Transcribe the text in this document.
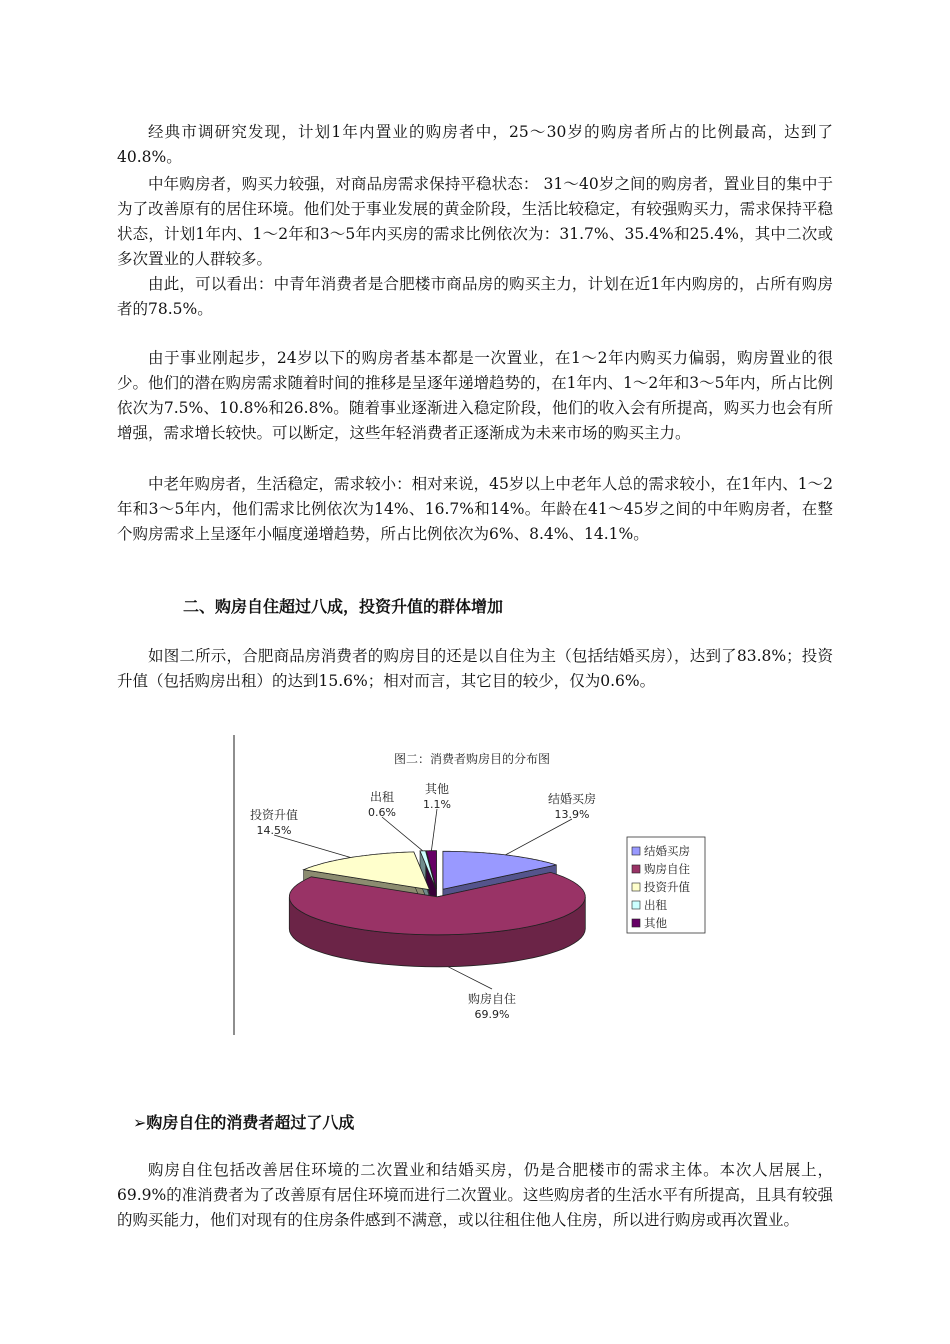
经典市调研究发现，计划1年内置业的购房者中，25～30岁的购房者所占的比例最高，达到了40.8%。

中年购房者，购买力较强，对商品房需求保持平稳状态： 31～40岁之间的购房者，置业目的集中于为了改善原有的居住环境。他们处于事业发展的黄金阶段，生活比较稳定，有较强购买力，需求保持平稳状态，计划1年内、1～2年和3～5年内买房的需求比例依次为：31.7%、35.4%和25.4%，其中二次或多次置业的人群较多。

由此，可以看出：中青年消费者是合肥楼市商品房的购买主力，计划在近1年内购房的，占所有购房者的78.5%。

由于事业刚起步，24岁以下的购房者基本都是一次置业，在1～2年内购买力偏弱，购房置业的很少。他们的潜在购房需求随着时间的推移是呈逐年递增趋势的，在1年内、1～2年和3～5年内，所占比例依次为7.5%、10.8%和26.8%。随着事业逐渐进入稳定阶段，他们的收入会有所提高，购买力也会有所增强，需求增长较快。可以断定，这些年轻消费者正逐渐成为未来市场的购买主力。

中老年购房者，生活稳定，需求较小：相对来说，45岁以上中老年人总的需求较小，在1年内、1～2年和3～5年内，他们需求比例依次为14%、16.7%和14%。年龄在41～45岁之间的中年购房者，在整个购房需求上呈逐年小幅度递增趋势，所占比例依次为6%、8.4%、14.1%。

二、购房自住超过八成，投资升值的群体增加

如图二所示，合肥商品房消费者的购房目的还是以自住为主（包括结婚买房），达到了83.8%；投资升值（包括购房出租）的达到15.6%；相对而言，其它目的较少，仅为0.6%。

图二：消费者购房目的分布图
结婚买房
13.9%
购房自住
69.9%
投资升值
14.5%
出租
0.6%
其他
1.1%
结婚买房
购房自住
投资升值
出租
其他

➢购房自住的消费者超过了八成

购房自住包括改善居住环境的二次置业和结婚买房，仍是合肥楼市的需求主体。本次人居展上，69.9%的准消费者为了改善原有居住环境而进行二次置业。这些购房者的生活水平有所提高，且具有较强的购买能力，他们对现有的住房条件感到不满意，或以往租住他人住房，所以进行购房或再次置业。
